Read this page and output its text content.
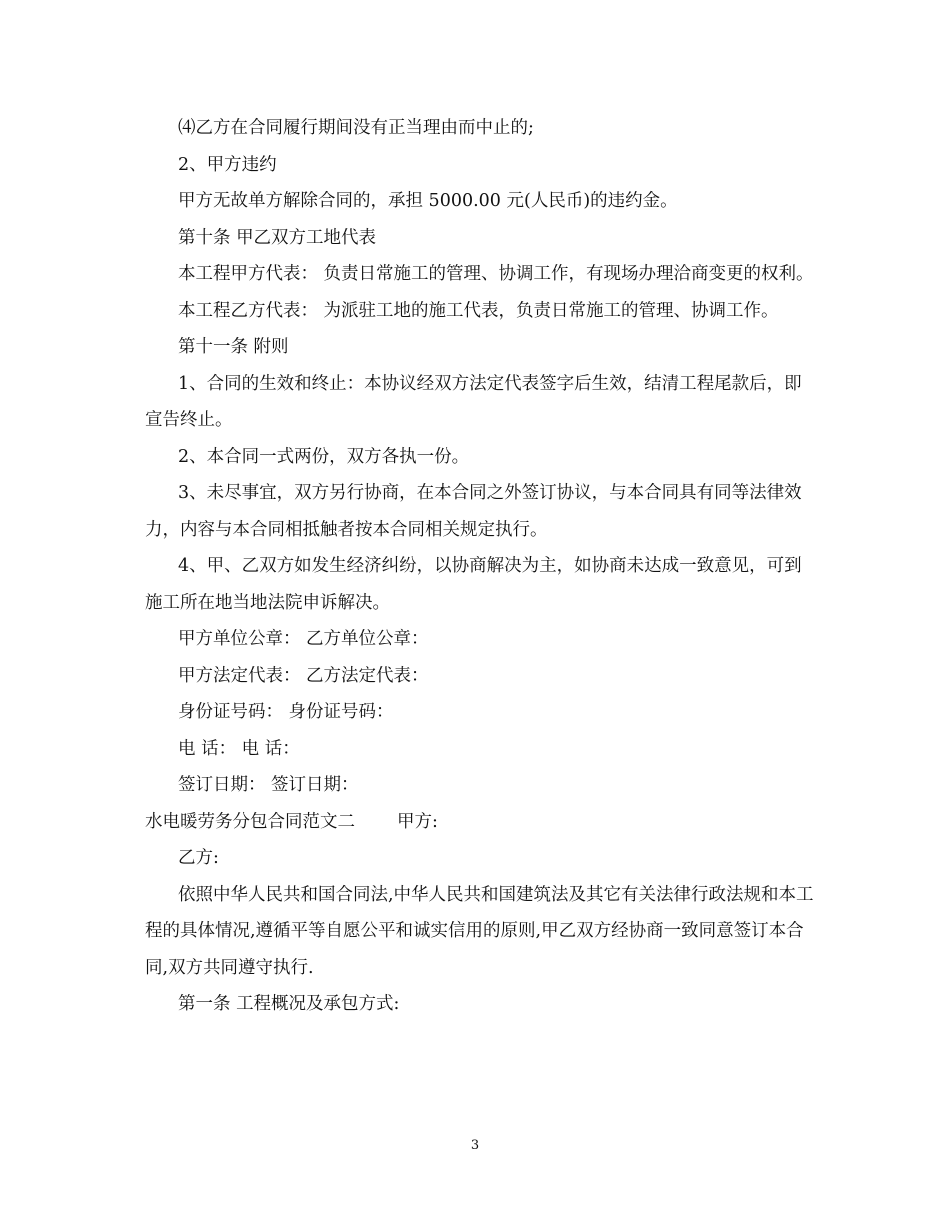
⑷乙方在合同履行期间没有正当理由而中止的;

2、甲方违约

甲方无故单方解除合同的，承担 5000.00 元(人民币)的违约金。

第十条 甲乙双方工地代表

本工程甲方代表： 负责日常施工的管理、协调工作，有现场办理洽商变更的权利。

本工程乙方代表： 为派驻工地的施工代表，负责日常施工的管理、协调工作。

第十一条 附则

1、合同的生效和终止：本协议经双方法定代表签字后生效，结清工程尾款后，即宣告终止。

2、本合同一式两份，双方各执一份。

3、未尽事宜，双方另行协商，在本合同之外签订协议，与本合同具有同等法律效力，内容与本合同相抵触者按本合同相关规定执行。

4、甲、乙双方如发生经济纠纷，以协商解决为主，如协商未达成一致意见，可到施工所在地当地法院申诉解决。

甲方单位公章： 乙方单位公章：

甲方法定代表： 乙方法定代表：

身份证号码： 身份证号码：

电 话： 电 话：

签订日期： 签订日期：

水电暖劳务分包合同范文二 甲方:

乙方:

依照中华人民共和国合同法,中华人民共和国建筑法及其它有关法律行政法规和本工程的具体情况,遵循平等自愿公平和诚实信用的原则,甲乙双方经协商一致同意签订本合同,双方共同遵守执行.

第一条 工程概况及承包方式:

3
